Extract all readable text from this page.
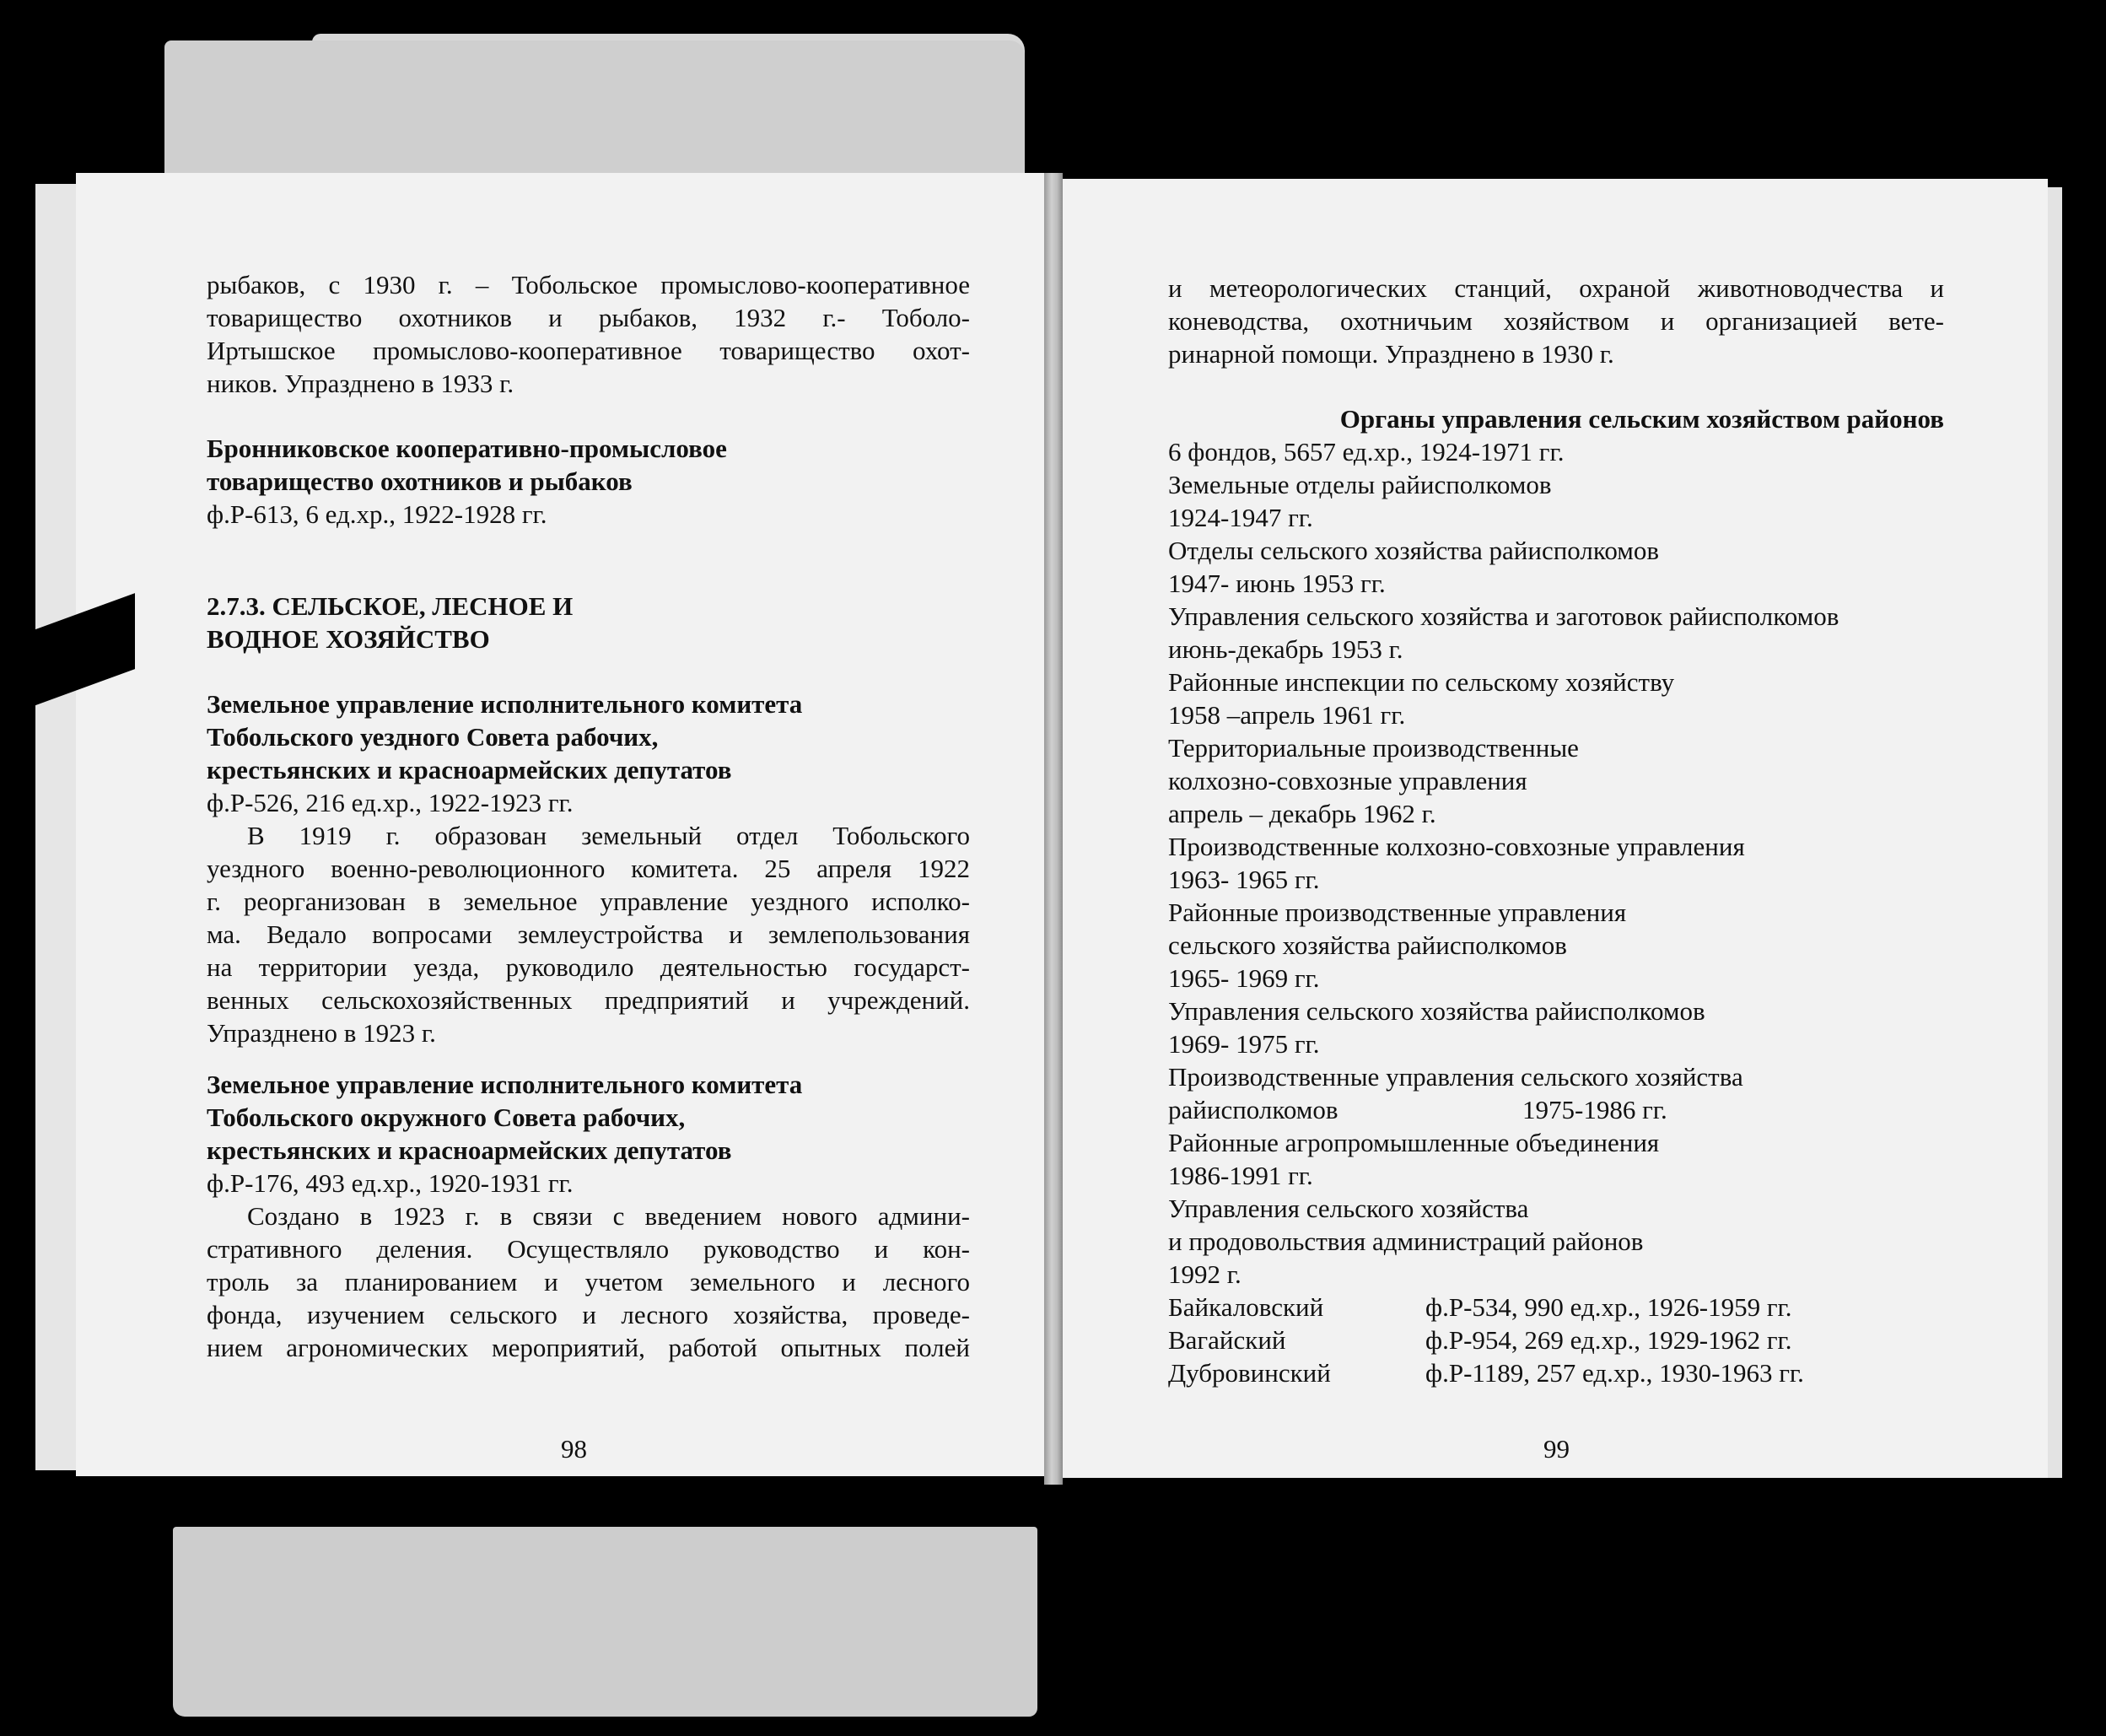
рыбаков, с 1930 г. – Тобольское промыслово-кооперативное

товарищество охотников и рыбаков, 1932 г.- Тоболо-

Иртышское промыслово-кооперативное товарищество охот-

ников. Упразднено в 1933 г.

Бронниковское кооперативно-промысловое

товарищество охотников и рыбаков

ф.Р-613, 6 ед.хр., 1922-1928 гг.

2.7.3. СЕЛЬСКОЕ, ЛЕСНОЕ И

ВОДНОЕ ХОЗЯЙСТВО

Земельное управление исполнительного комитета

Тобольского уездного Совета рабочих,

крестьянских и красноармейских депутатов

ф.Р-526, 216 ед.хр., 1922-1923 гг.

В 1919 г. образован земельный отдел Тобольского

уездного военно-революционного комитета. 25 апреля 1922

г. реорганизован в земельное управление уездного исполко-

ма. Ведало вопросами землеустройства и землепользования

на территории уезда, руководило деятельностью государст-

венных сельскохозяйственных предприятий и учреждений.

Упразднено в 1923 г.

Земельное управление исполнительного комитета

Тобольского окружного Совета рабочих,

крестьянских и красноармейских депутатов

ф.Р-176, 493 ед.хр., 1920-1931 гг.

Создано в 1923 г. в связи с введением нового админи-

стративного деления. Осуществляло руководство и кон-

троль за планированием и учетом земельного и лесного

фонда, изучением сельского и лесного хозяйства, проведе-

нием агрономических мероприятий, работой опытных полей

98

и метеорологических станций, охраной животноводчества и

коневодства, охотничьим хозяйством и организацией вете-

ринарной помощи. Упразднено в 1930 г.

Органы управления сельским хозяйством районов

6 фондов, 5657 ед.хр., 1924-1971 гг.

Земельные отделы райисполкомов

1924-1947 гг.

Отделы сельского хозяйства райисполкомов

1947- июнь 1953 гг.

Управления сельского хозяйства и заготовок райисполкомов

июнь-декабрь 1953 г.

Районные инспекции по сельскому хозяйству

1958 –апрель 1961 гг.

Территориальные производственные

колхозно-совхозные управления

апрель – декабрь 1962 г.

Производственные колхозно-совхозные управления

1963- 1965 гг.

Районные производственные управления

сельского хозяйства райисполкомов

1965- 1969 гг.

Управления сельского хозяйства райисполкомов

1969- 1975 гг.

Производственные управления сельского хозяйства

райисполкомов	1975-1986 гг.

Районные агропромышленные объединения

1986-1991 гг.

Управления сельского хозяйства

и продовольствия администраций районов

1992 г.

Байкаловский	ф.Р-534, 990 ед.хр., 1926-1959 гг.

Вагайский	ф.Р-954, 269 ед.хр., 1929-1962 гг.

Дубровинский	ф.Р-1189, 257 ед.хр., 1930-1963 гг.

99
